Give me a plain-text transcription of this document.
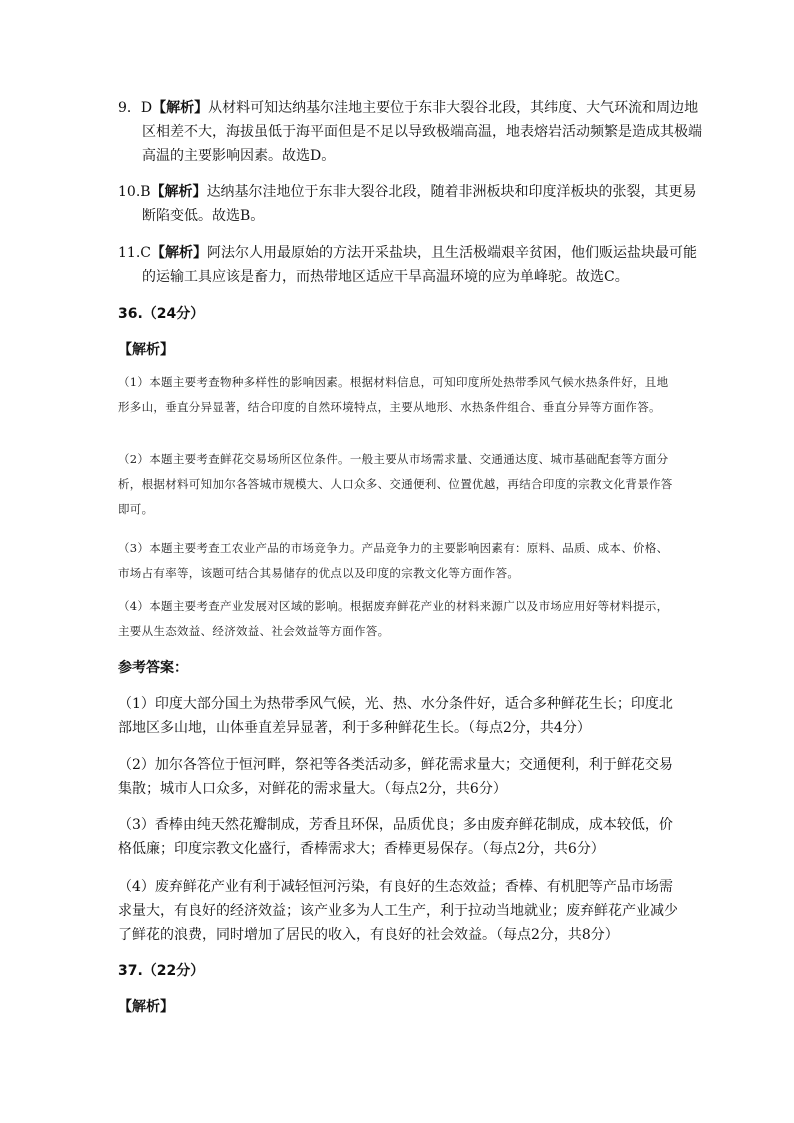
9．D【解析】从材料可知达纳基尔洼地主要位于东非大裂谷北段，其纬度、大气环流和周边地区相差不大，海拔虽低于海平面但是不足以导致极端高温，地表熔岩活动频繁是造成其极端高温的主要影响因素。故选D。
10.B【解析】达纳基尔洼地位于东非大裂谷北段，随着非洲板块和印度洋板块的张裂，其更易断陷变低。故选B。
11.C【解析】阿法尔人用最原始的方法开采盐块，且生活极端艰辛贫困，他们贩运盐块最可能的运输工具应该是畜力，而热带地区适应干旱高温环境的应为单峰驼。故选C。
36.（24分）
【解析】
（1）本题主要考查物种多样性的影响因素。根据材料信息，可知印度所处热带季风气候水热条件好，且地形多山，垂直分异显著，结合印度的自然环境特点，主要从地形、水热条件组合、垂直分异等方面作答。
（2）本题主要考查鲜花交易场所区位条件。一般主要从市场需求量、交通通达度、城市基础配套等方面分析，根据材料可知加尔各答城市规模大、人口众多、交通便利、位置优越，再结合印度的宗教文化背景作答即可。
（3）本题主要考查工农业产品的市场竞争力。产品竞争力的主要影响因素有：原料、品质、成本、价格、市场占有率等，该题可结合其易储存的优点以及印度的宗教文化等方面作答。
（4）本题主要考查产业发展对区域的影响。根据废弃鲜花产业的材料来源广以及市场应用好等材料提示，主要从生态效益、经济效益、社会效益等方面作答。
参考答案：
（1）印度大部分国土为热带季风气候，光、热、水分条件好，适合多种鲜花生长；印度北部地区多山地，山体垂直差异显著，利于多种鲜花生长。（每点2分，共4分）
（2）加尔各答位于恒河畔，祭祀等各类活动多，鲜花需求量大；交通便利，利于鲜花交易集散；城市人口众多，对鲜花的需求量大。（每点2分，共6分）
（3）香棒由纯天然花瓣制成，芳香且环保，品质优良；多由废弃鲜花制成，成本较低，价格低廉；印度宗教文化盛行，香棒需求大；香棒更易保存。（每点2分，共6分）
（4）废弃鲜花产业有利于减轻恒河污染，有良好的生态效益；香棒、有机肥等产品市场需求量大，有良好的经济效益；该产业多为人工生产，利于拉动当地就业；废弃鲜花产业减少了鲜花的浪费，同时增加了居民的收入，有良好的社会效益。（每点2分，共8分）
37.（22分）
【解析】
